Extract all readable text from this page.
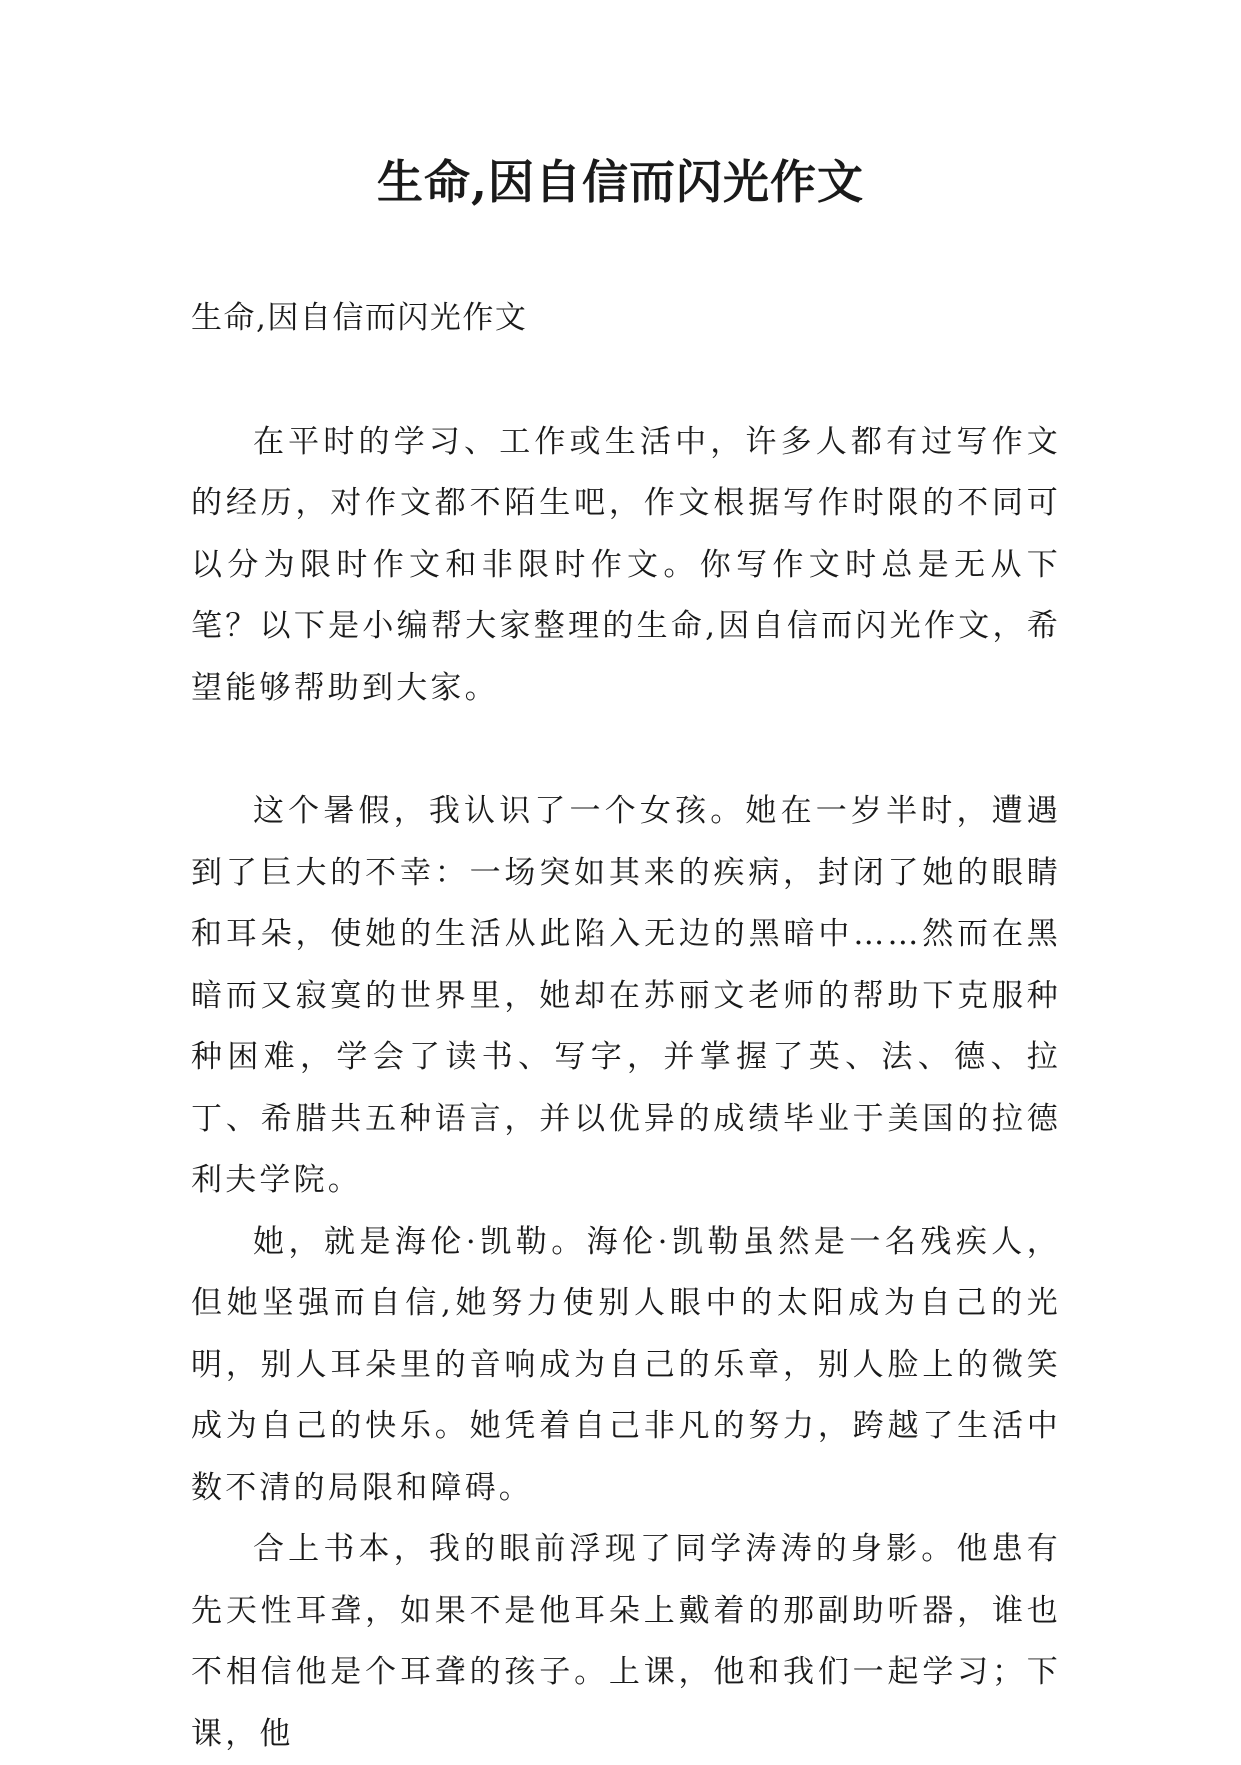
生命,因自信而闪光作文

生命,因自信而闪光作文

在平时的学习、工作或生活中，许多人都有过写作文的经历，对作文都不陌生吧，作文根据写作时限的不同可以分为限时作文和非限时作文。你写作文时总是无从下笔？以下是小编帮大家整理的生命,因自信而闪光作文，希望能够帮助到大家。

这个暑假，我认识了一个女孩。她在一岁半时，遭遇到了巨大的不幸：一场突如其来的疾病，封闭了她的眼睛和耳朵，使她的生活从此陷入无边的黑暗中……然而在黑暗而又寂寞的世界里，她却在苏丽文老师的帮助下克服种种困难，学会了读书、写字，并掌握了英、法、德、拉丁、希腊共五种语言，并以优异的成绩毕业于美国的拉德利夫学院。

她，就是海伦·凯勒。海伦·凯勒虽然是一名残疾人，但她坚强而自信,她努力使别人眼中的太阳成为自己的光明，别人耳朵里的音响成为自己的乐章，别人脸上的微笑成为自己的快乐。她凭着自己非凡的努力，跨越了生活中数不清的局限和障碍。

合上书本，我的眼前浮现了同学涛涛的身影。他患有先天性耳聋，如果不是他耳朵上戴着的那副助听器，谁也不相信他是个耳聋的孩子。上课，他和我们一起学习；下课，他
